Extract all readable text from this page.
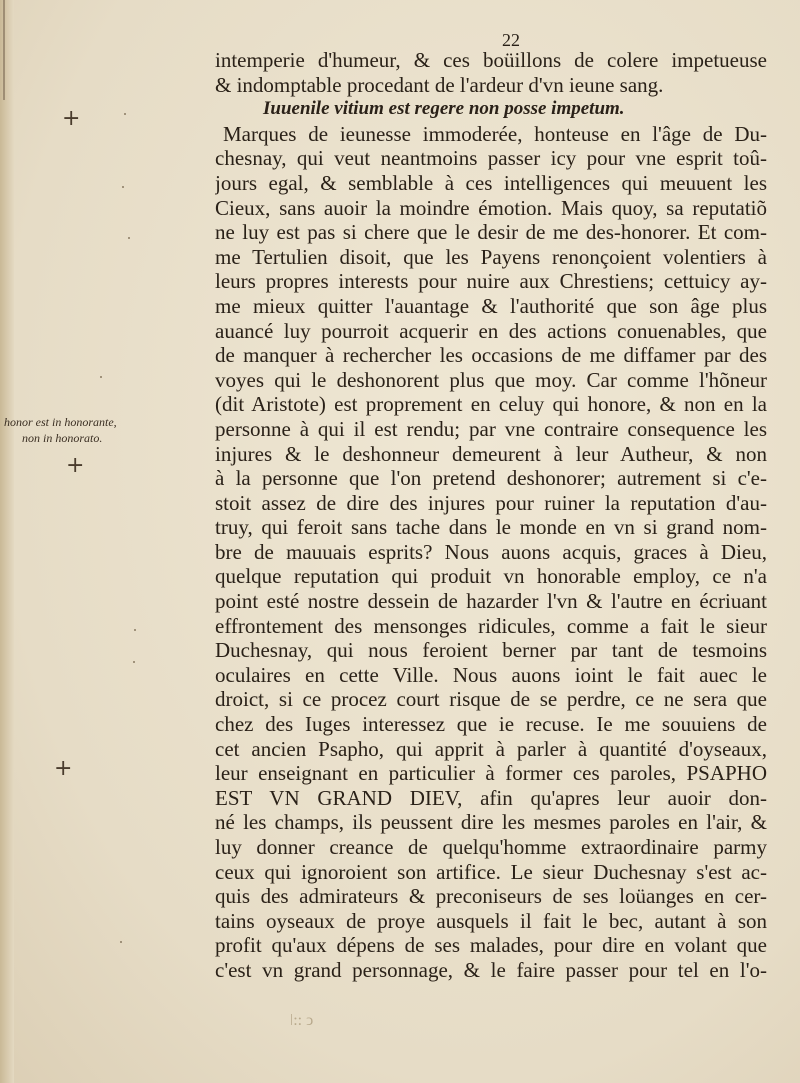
22
intemperie d'humeur, & ces boüillons de colere impetueuse
& indomptable procedant de l'ardeur d'vn ieune sang.
Iuuenile vitium est regere non posse impetum.
Marques de ieunesse immoderée, honteuse en l'âge de Du-
chesnay, qui veut neantmoins passer icy pour vne esprit toû-
jours egal, & semblable à ces intelligences qui meuuent les
Cieux, sans auoir la moindre émotion. Mais quoy, sa reputatiõ
ne luy est pas si chere que le desir de me des-honorer. Et com-
me Tertulien disoit, que les Payens renonçoient volentiers à
leurs propres interests pour nuire aux Chrestiens; cettuicy ay-
me mieux quitter l'auantage & l'authorité que son âge plus
auancé luy pourroit acquerir en des actions conuenables, que
de manquer à rechercher les occasions de me diffamer par des
voyes qui le deshonorent plus que moy. Car comme l'hõneur
(dit Aristote) est proprement en celuy qui honore, & non en la
personne à qui il est rendu; par vne contraire consequence les
injures & le deshonneur demeurent à leur Autheur, & non
à la personne que l'on pretend deshonorer; autrement si c'e-
stoit assez de dire des injures pour ruiner la reputation d'au-
truy, qui feroit sans tache dans le monde en vn si grand nom-
bre de mauuais esprits? Nous auons acquis, graces à Dieu,
quelque reputation qui produit vn honorable employ, ce n'a
point esté nostre dessein de hazarder l'vn & l'autre en écriuant
effrontement des mensonges ridicules, comme a fait le sieur
Duchesnay, qui nous feroient berner par tant de tesmoins
oculaires en cette Ville. Nous auons ioint le fait auec le
droict, si ce procez court risque de se perdre, ce ne sera que
chez des Iuges interessez que ie recuse. Ie me souuiens de
cet ancien Psapho, qui apprit à parler à quantité d'oyseaux,
leur enseignant en particulier à former ces paroles, PSAPHO
EST VN GRAND DIEV, afin qu'apres leur auoir don-
né les champs, ils peussent dire les mesmes paroles en l'air, &
luy donner creance de quelqu'homme extraordinaire parmy
ceux qui ignoroient son artifice. Le sieur Duchesnay s'est ac-
quis des admirateurs & preconiseurs de ses loüanges en cer-
tains oyseaux de proye ausquels il fait le bec, autant à son
profit qu'aux dépens de ses malades, pour dire en volant que
c'est vn grand personnage, & le faire passer pour tel en l'o-
honor est in honorante,
non in honorato.
+
+
+
ǀ:: ↄ
